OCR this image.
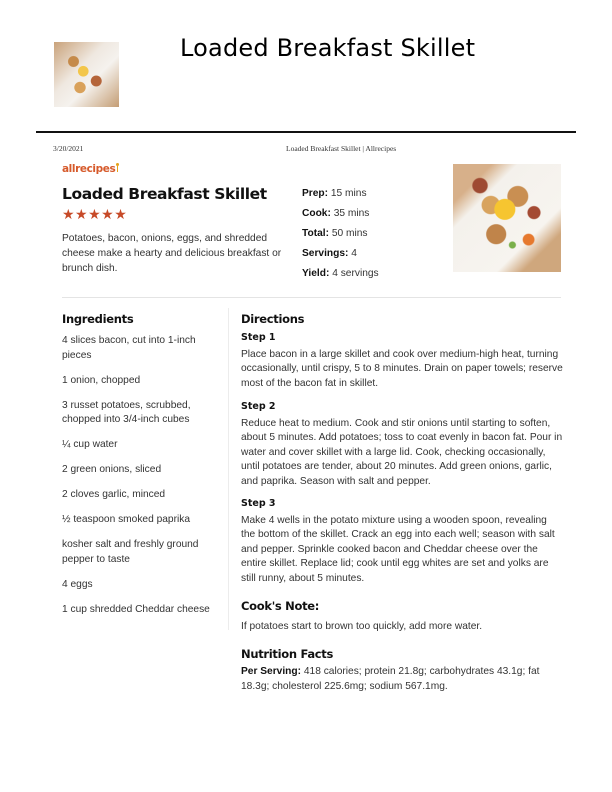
Loaded Breakfast Skillet
3/20/2021	Loaded Breakfast Skillet | Allrecipes
allrecipes
Loaded Breakfast Skillet
★★★★★
Potatoes, bacon, onions, eggs, and shredded cheese make a hearty and delicious breakfast or brunch dish.
Prep: 15 mins
Cook: 35 mins
Total: 50 mins
Servings: 4
Yield: 4 servings
Ingredients
4 slices bacon, cut into 1-inch pieces
1 onion, chopped
3 russet potatoes, scrubbed, chopped into 3/4-inch cubes
¼ cup water
2 green onions, sliced
2 cloves garlic, minced
½ teaspoon smoked paprika
kosher salt and freshly ground pepper to taste
4 eggs
1 cup shredded Cheddar cheese
Directions
Step 1
Place bacon in a large skillet and cook over medium-high heat, turning occasionally, until crispy, 5 to 8 minutes. Drain on paper towels; reserve most of the bacon fat in skillet.
Step 2
Reduce heat to medium. Cook and stir onions until starting to soften, about 5 minutes. Add potatoes; toss to coat evenly in bacon fat. Pour in water and cover skillet with a large lid. Cook, checking occasionally, until potatoes are tender, about 20 minutes. Add green onions, garlic, and paprika. Season with salt and pepper.
Step 3
Make 4 wells in the potato mixture using a wooden spoon, revealing the bottom of the skillet. Crack an egg into each well; season with salt and pepper. Sprinkle cooked bacon and Cheddar cheese over the entire skillet. Replace lid; cook until egg whites are set and yolks are still runny, about 5 minutes.
Cook's Note:
If potatoes start to brown too quickly, add more water.
Nutrition Facts
Per Serving: 418 calories; protein 21.8g; carbohydrates 43.1g; fat 18.3g; cholesterol 225.6mg; sodium 567.1mg.
